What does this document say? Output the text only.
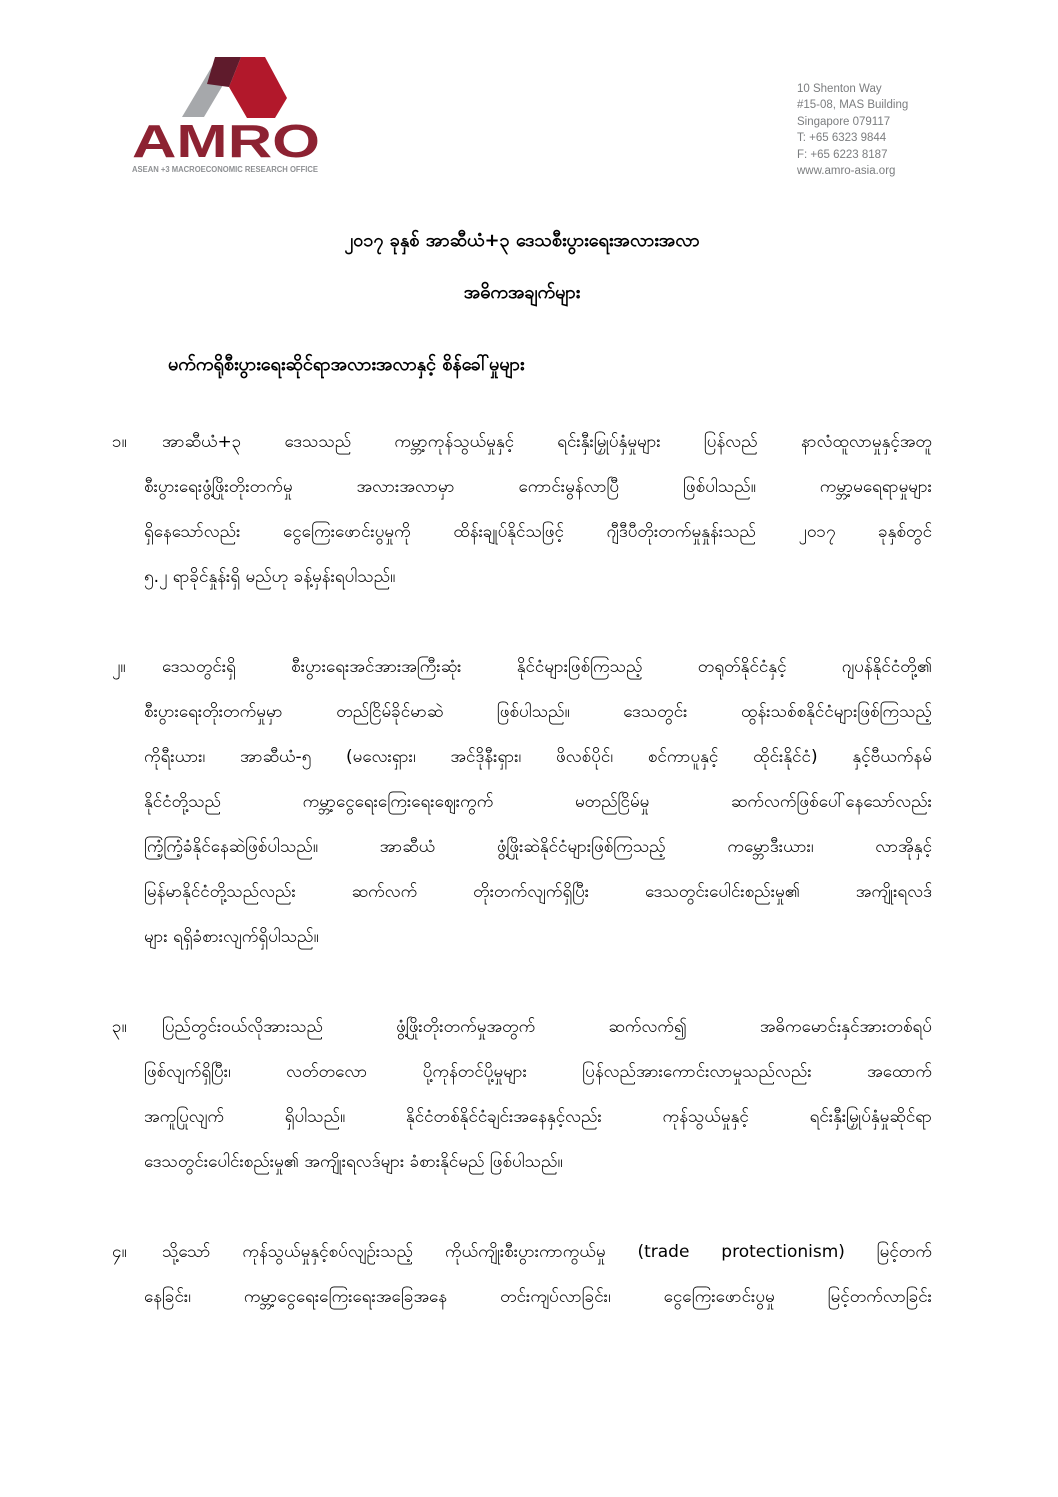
AMRO
ASEAN +3 MACROECONOMIC RESEARCH OFFICE
10 Shenton Way
#15-08, MAS Building
Singapore 079117
T: +65 6323 9844
F: +65 6223 8187
www.amro-asia.org
၂၀၁၇ ခုနှစ် အာဆီယံ+၃ ဒေသစီးပွားရေးအလားအလာ
အဓိကအချက်များ
မက်ကရိုစီးပွားရေးဆိုင်ရာအလားအလာနှင့် စိန်ခေါ်မှုများ
၁။	အာဆီယံ+၃ ဒေသသည် ကမ္ဘာ့ကုန်သွယ်မှုနှင့် ရင်းနှီးမြှုပ်နှံမှုများ ပြန်လည် နာလံထူလာမှုနှင့်အတူ
စီးပွားရေးဖွံ့ဖြိုးတိုးတက်မှု အလားအလာမှာ ကောင်းမွန်လာပြီ ဖြစ်ပါသည်။ ကမ္ဘာ့မရေရာမှုများ
ရှိနေသော်လည်း ငွေကြေးဖောင်းပွမှုကို ထိန်းချုပ်နိုင်သဖြင့် ဂျီဒီပီတိုးတက်မှုနှုန်းသည် ၂၀၁၇ ခုနှစ်တွင်
၅.၂ ရာခိုင်နှုန်းရှိ မည်ဟု ခန့်မှန်းရပါသည်။
၂။	ဒေသတွင်းရှိ စီးပွားရေးအင်အားအကြီးဆုံး နိုင်ငံများဖြစ်ကြသည့် တရုတ်နိုင်ငံနှင့် ဂျပန်နိုင်ငံတို့၏
စီးပွားရေးတိုးတက်မှုမှာ တည်ငြိမ်ခိုင်မာဆဲ ဖြစ်ပါသည်။ ဒေသတွင်း ထွန်းသစ်စနိုင်ငံများဖြစ်ကြသည့်
ကိုရီးယား၊ အာဆီယံ-၅ (မလေးရှား၊ အင်ဒိုနီးရှား၊ ဖိလစ်ပိုင်၊ စင်ကာပူနှင့် ထိုင်းနိုင်ငံ) နှင့်ဗီယက်နမ်
နိုင်ငံတို့သည် ကမ္ဘာ့ငွေရေးကြေးရေးဈေးကွက် မတည်ငြိမ်မှု ဆက်လက်ဖြစ်ပေါ်နေသော်လည်း
ကြံ့ကြံ့ခံနိုင်နေဆဲဖြစ်ပါသည်။ အာဆီယံ ဖွံ့ဖြိုးဆဲနိုင်ငံများဖြစ်ကြသည့် ကမ္ဘောဒီးယား၊ လာအိုနှင့်
မြန်မာနိုင်ငံတို့သည်လည်း ဆက်လက် တိုးတက်လျက်ရှိပြီး ဒေသတွင်းပေါင်းစည်းမှု၏ အကျိုးရလဒ်
များ ရရှိခံစားလျက်ရှိပါသည်။
၃။	ပြည်တွင်းဝယ်လိုအားသည် ဖွံ့ဖြိုးတိုးတက်မှုအတွက် ဆက်လက်၍ အဓိကမောင်းနှင်အားတစ်ရပ်
ဖြစ်လျက်ရှိပြီး၊ လတ်တလော ပို့ကုန်တင်ပို့မှုများ ပြန်လည်အားကောင်းလာမှုသည်လည်း အထောက်
အကူပြုလျက် ရှိပါသည်။ နိုင်ငံတစ်နိုင်ငံချင်းအနေနှင့်လည်း ကုန်သွယ်မှုနှင့် ရင်းနှီးမြှုပ်နှံမှုဆိုင်ရာ
ဒေသတွင်းပေါင်းစည်းမှု၏ အကျိုးရလဒ်များ ခံစားနိုင်မည် ဖြစ်ပါသည်။
၄။	သို့သော် ကုန်သွယ်မှုနှင့်စပ်လျဉ်းသည့် ကိုယ်ကျိုးစီးပွားကာကွယ်မှု (trade protectionism) မြင့်တက်
နေခြင်း၊ ကမ္ဘာ့ငွေရေးကြေးရေးအခြေအနေ တင်းကျပ်လာခြင်း၊ ငွေကြေးဖောင်းပွမှု မြင့်တက်လာခြင်း
